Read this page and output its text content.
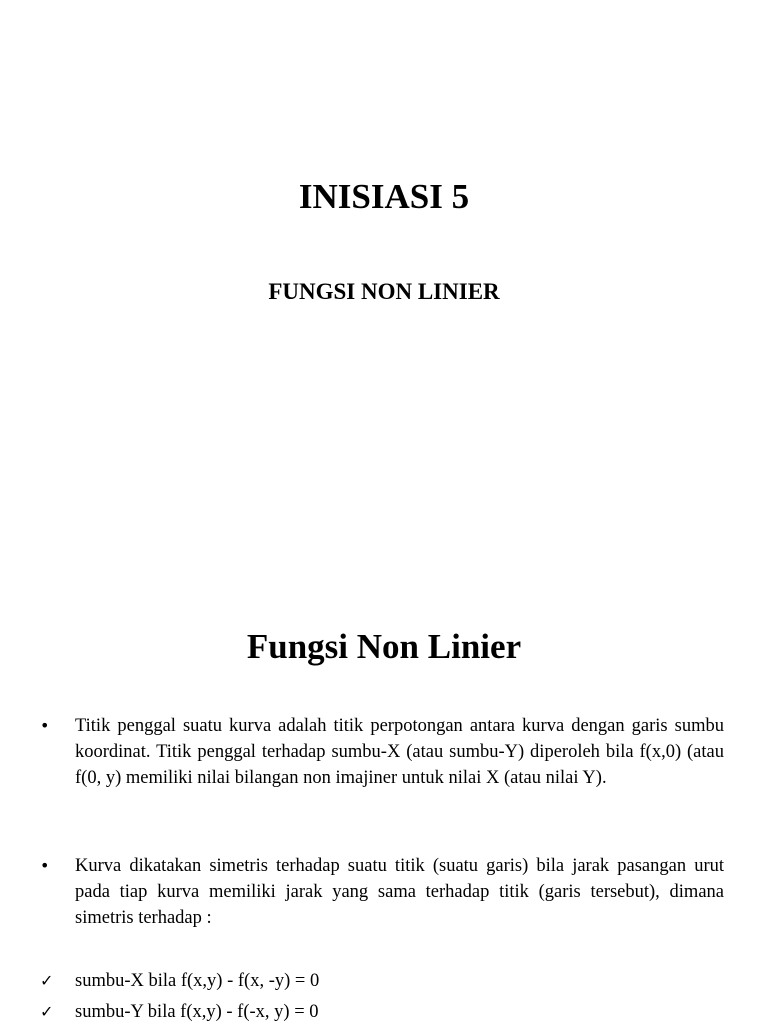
INISIASI 5
FUNGSI NON LINIER
Fungsi Non Linier
•	Titik penggal suatu kurva adalah titik perpotongan antara kurva dengan garis sumbu koordinat. Titik penggal terhadap sumbu-X (atau sumbu-Y) diperoleh bila f(x,0) (atau f(0, y) memiliki nilai bilangan non imajiner untuk nilai X (atau nilai Y).
•	Kurva dikatakan simetris terhadap suatu titik (suatu garis) bila jarak pasangan urut pada tiap kurva memiliki jarak yang sama terhadap titik (garis tersebut), dimana simetris terhadap :
✓	sumbu-X bila f(x,y) - f(x, -y) = 0
✓	sumbu-Y bila f(x,y) - f(-x, y) = 0
